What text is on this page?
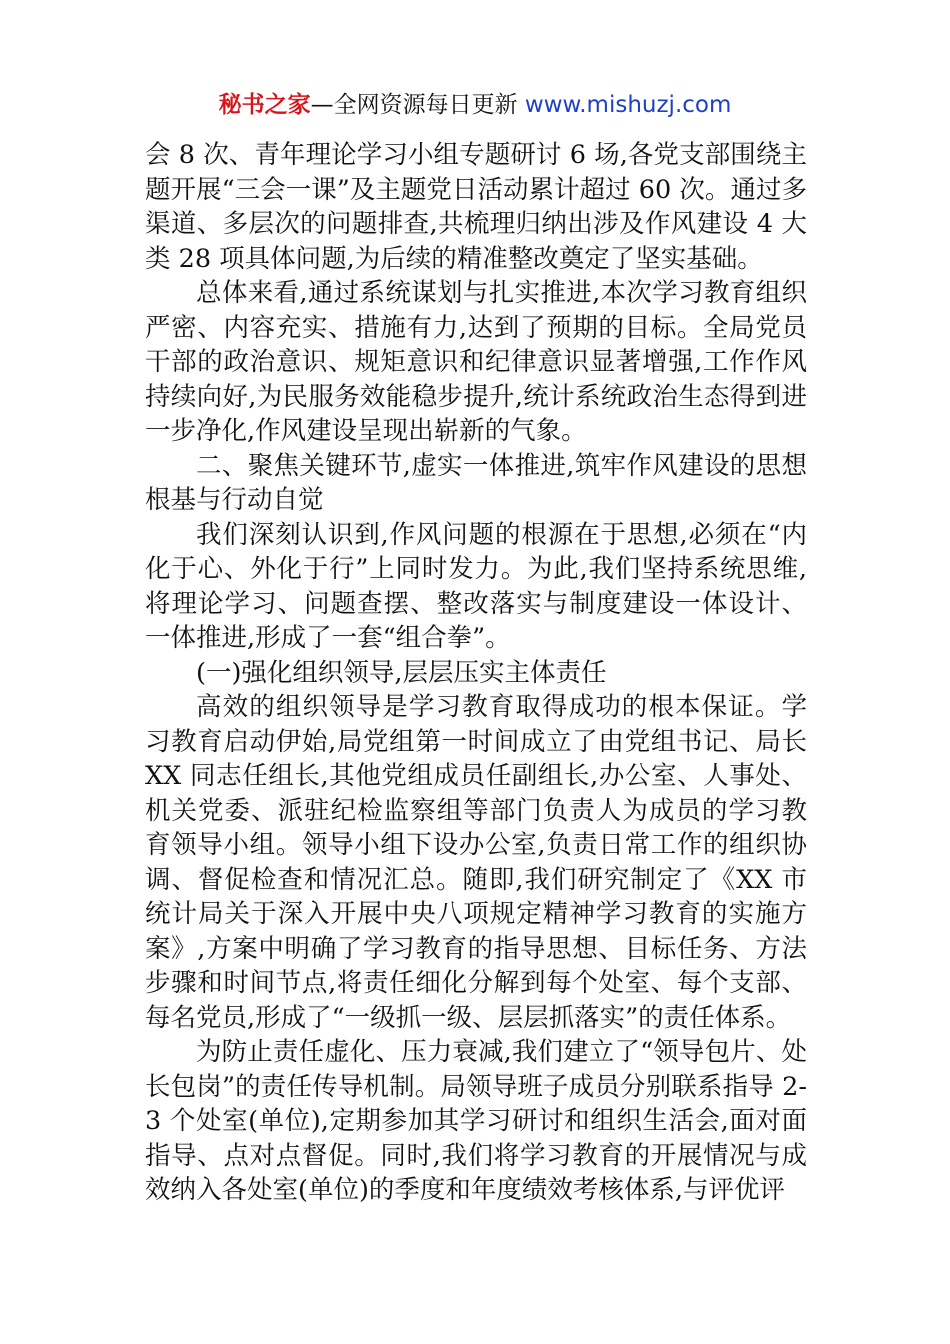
秘书之家—全网资源每日更新 www.mishuzj.com

会 8 次、青年理论学习小组专题研讨 6 场,各党支部围绕主题开展“三会一课”及主题党日活动累计超过 60 次。通过多渠道、多层次的问题排查,共梳理归纳出涉及作风建设 4 大类 28 项具体问题,为后续的精准整改奠定了坚实基础。

总体来看,通过系统谋划与扎实推进,本次学习教育组织严密、内容充实、措施有力,达到了预期的目标。全局党员干部的政治意识、规矩意识和纪律意识显著增强,工作作风持续向好,为民服务效能稳步提升,统计系统政治生态得到进一步净化,作风建设呈现出崭新的气象。

二、聚焦关键环节,虚实一体推进,筑牢作风建设的思想根基与行动自觉

我们深刻认识到,作风问题的根源在于思想,必须在“内化于心、外化于行”上同时发力。为此,我们坚持系统思维,将理论学习、问题查摆、整改落实与制度建设一体设计、一体推进,形成了一套“组合拳”。

(一)强化组织领导,层层压实主体责任

高效的组织领导是学习教育取得成功的根本保证。学习教育启动伊始,局党组第一时间成立了由党组书记、局长 XX 同志任组长,其他党组成员任副组长,办公室、人事处、机关党委、派驻纪检监察组等部门负责人为成员的学习教育领导小组。领导小组下设办公室,负责日常工作的组织协调、督促检查和情况汇总。随即,我们研究制定了《XX 市统计局关于深入开展中央八项规定精神学习教育的实施方案》,方案中明确了学习教育的指导思想、目标任务、方法步骤和时间节点,将责任细化分解到每个处室、每个支部、每名党员,形成了“一级抓一级、层层抓落实”的责任体系。

为防止责任虚化、压力衰减,我们建立了“领导包片、处长包岗”的责任传导机制。局领导班子成员分别联系指导 2-3 个处室(单位),定期参加其学习研讨和组织生活会,面对面指导、点对点督促。同时,我们将学习教育的开展情况与成效纳入各处室(单位)的季度和年度绩效考核体系,与评优评
